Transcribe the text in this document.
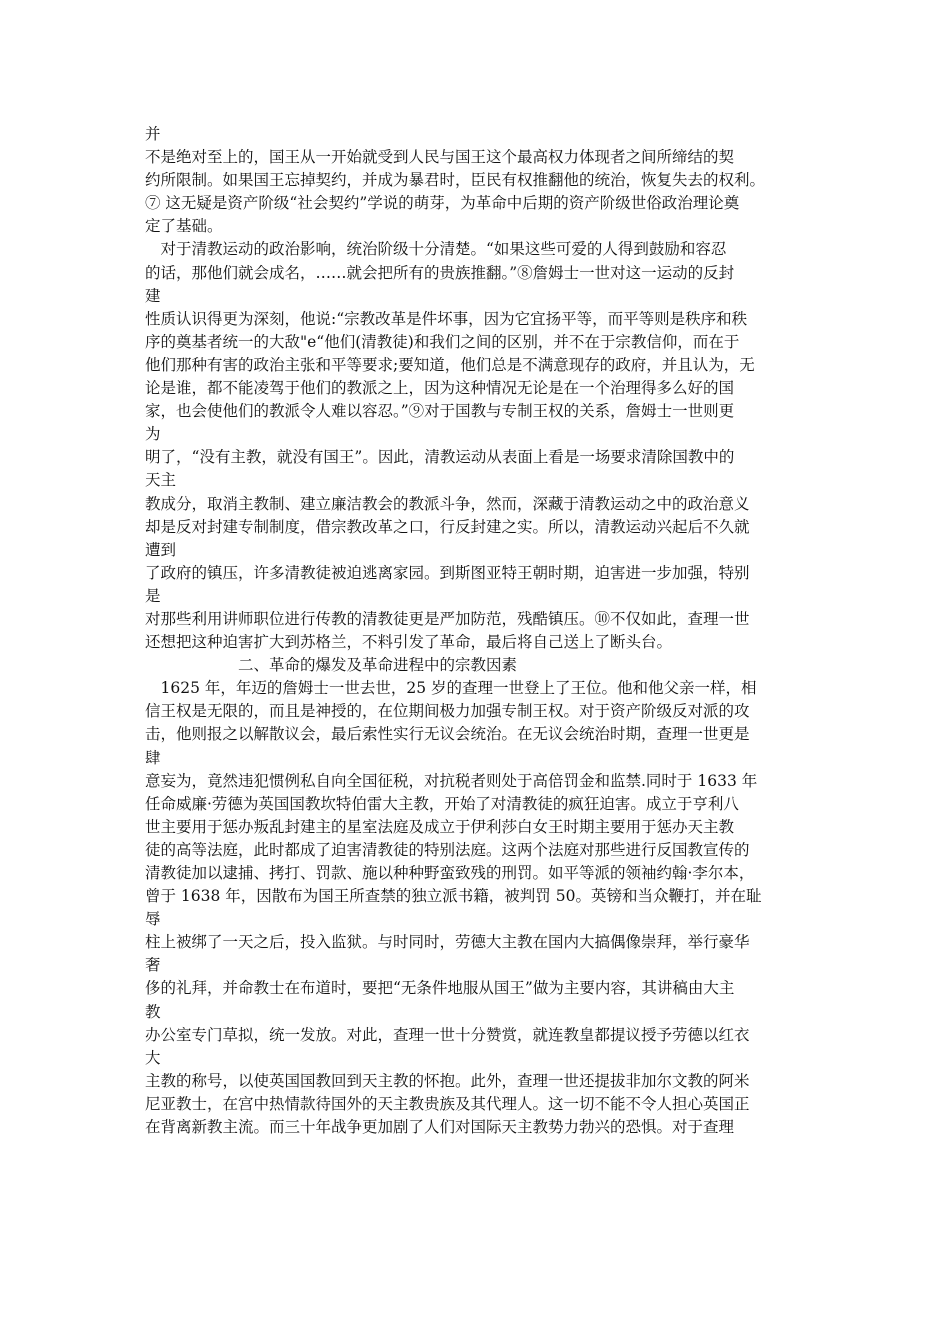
并
不是绝对至上的，国王从一开始就受到人民与国王这个最高权力体现者之间所缔结的契
约所限制。如果国王忘掉契约，并成为暴君时，臣民有权推翻他的统治，恢复失去的权利。
⑦ 这无疑是资产阶级“社会契约”学说的萌芽，为革命中后期的资产阶级世俗政治理论奠
定了基础。
　对于清教运动的政治影响，统治阶级十分清楚。“如果这些可爱的人得到鼓励和容忍
的话，那他们就会成名，……就会把所有的贵族推翻。”⑧詹姆士一世对这一运动的反封
建
性质认识得更为深刻，他说:“宗教改革是件坏事，因为它宜扬平等，而平等则是秩序和秩
序的奠基者统一的大敌"e“他们(清教徒)和我们之间的区别，并不在于宗教信仰，而在于
他们那种有害的政治主张和平等要求;要知道，他们总是不满意现存的政府，并且认为，无
论是谁，都不能凌驾于他们的教派之上，因为这种情况无论是在一个治理得多么好的国
家，也会使他们的教派令人难以容忍。”⑨对于国教与专制王权的关系，詹姆士一世则更
为
明了，“没有主教，就没有国王”。因此，清教运动从表面上看是一场要求清除国教中的
天主
教成分，取消主教制、建立廉洁教会的教派斗争，然而，深藏于清教运动之中的政治意义
却是反对封建专制制度，借宗教改革之口，行反封建之实。所以，清教运动兴起后不久就
遭到
了政府的镇压，许多清教徒被迫逃离家园。到斯图亚特王朝时期，迫害进一步加强，特别
是
对那些利用讲师职位进行传教的清教徒更是严加防范，残酷镇压。⑩不仅如此，查理一世
还想把这种迫害扩大到苏格兰，不料引发了革命，最后将自己送上了断头台。
　　　　　　二、革命的爆发及革命进程中的宗教因素
　1625 年，年迈的詹姆士一世去世，25 岁的查理一世登上了王位。他和他父亲一样，相
信王权是无限的，而且是神授的，在位期间极力加强专制王权。对于资产阶级反对派的攻
击，他则报之以解散议会，最后索性实行无议会统治。在无议会统治时期，查理一世更是
肆
意妄为，竟然违犯惯例私自向全国征税，对抗税者则处于高倍罚金和监禁.同时于 1633 年
任命威廉·劳德为英国国教坎特伯雷大主教，开始了对清教徒的疯狂迫害。成立于亨利八
世主要用于惩办叛乱封建主的星室法庭及成立于伊利莎白女王时期主要用于惩办天主教
徒的高等法庭，此时都成了迫害清教徒的特别法庭。这两个法庭对那些进行反国教宣传的
清教徒加以逮捕、拷打、罚款、施以种种野蛮致残的刑罚。如平等派的领袖约翰·李尔本，
曾于 1638 年，因散布为国王所查禁的独立派书籍，被判罚 50。英镑和当众鞭打，并在耻
辱
柱上被绑了一天之后，投入监狱。与时同时，劳德大主教在国内大搞偶像崇拜，举行豪华
奢
侈的礼拜，并命教士在布道时，要把“无条件地服从国王”做为主要内容，其讲稿由大主
教
办公室专门草拟，统一发放。对此，查理一世十分赞赏，就连教皇都提议授予劳德以红衣
大
主教的称号，以使英国国教回到天主教的怀抱。此外，查理一世还提拔非加尔文教的阿米
尼亚教士，在宫中热情款待国外的天主教贵族及其代理人。这一切不能不令人担心英国正
在背离新教主流。而三十年战争更加剧了人们对国际天主教势力勃兴的恐惧。对于查理
